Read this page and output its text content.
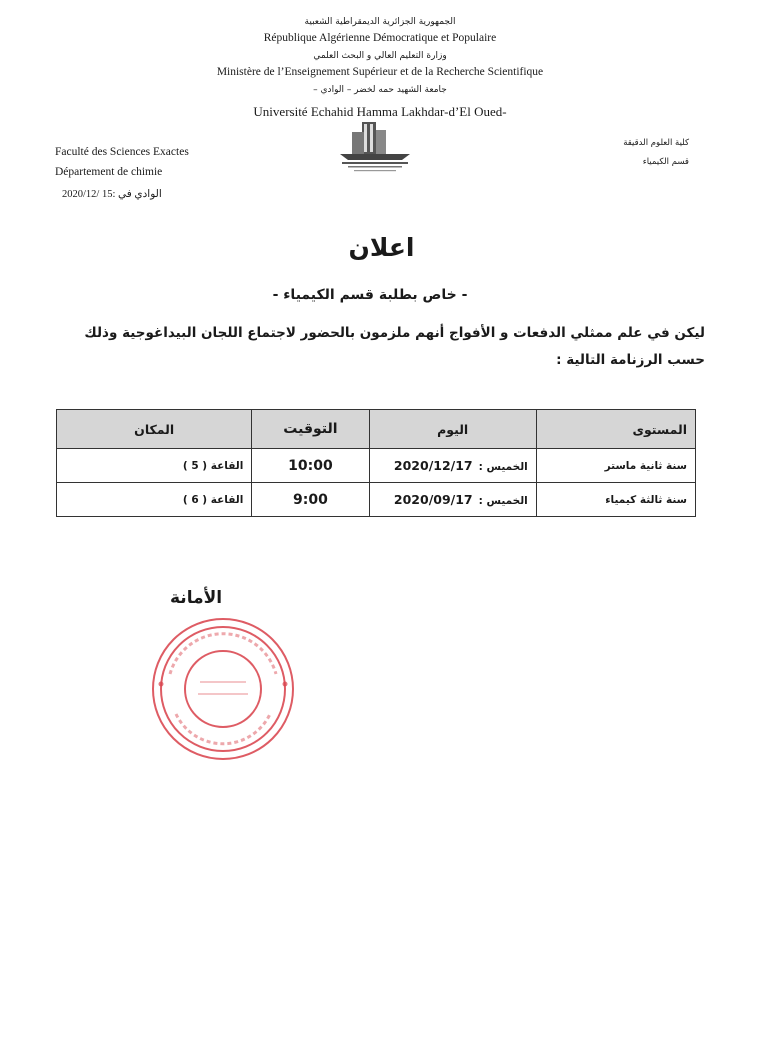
الجمهورية الجزائرية الديمقراطية الشعبية
République Algérienne Démocratique et Populaire
وزارة التعليم العالي و البحث العلمي
Ministère de l’Enseignement Supérieur et de la Recherche Scientifique
جامعة الشهيد حمه لخضر – الوادي –
Université Echahid Hamma Lakhdar-d’El Oued-
Faculté des Sciences Exactes
Département de chimie
الوادي في :15 /2020/12
كلية العلوم الدقيقة
قسم الكيمياء
اعلان
- خاص بطلبة قسم الكيمياء -
ليكن في علم ممثلي الدفعات و الأفواج أنهم ملزمون بالحضور لاجتماع اللجان البيداغوجية وذلك حسب الرزنامة التالية :
المستوى	اليوم	التوقيت	المكان
سنة ثانية ماستر	الخميس :2020/12/17	10:00	القاعة ( 5 )
سنة ثالثة كيمياء	الخميس :2020/09/17	9:00	القاعة ( 6 )
الأمانة
